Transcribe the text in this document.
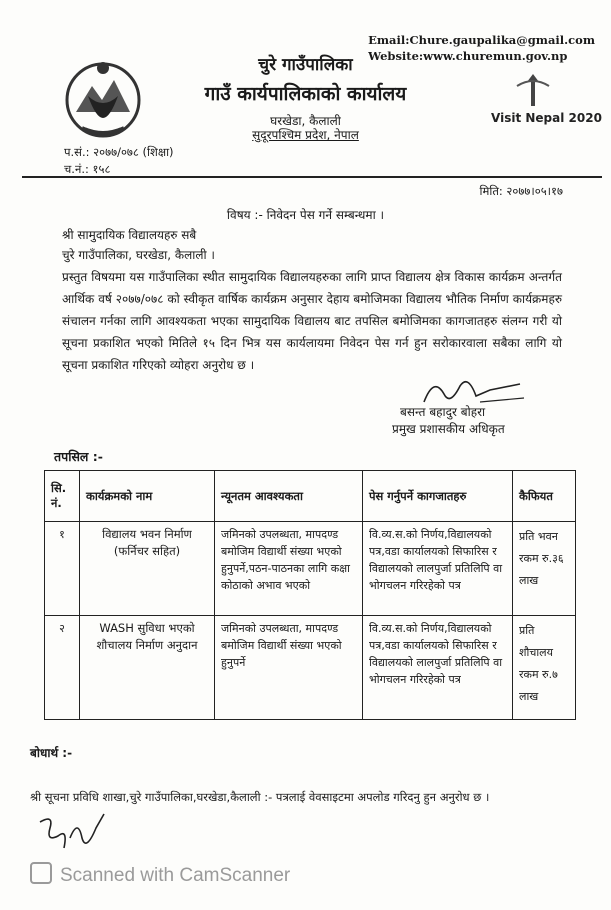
Email:Chure.gaupalika@gmail.com
Website:www.churemun.gov.np
चुरे गाउँपालिका
गाउँ कार्यपालिकाको कार्यालय
घरखेडा, कैलाली
सुदूरपश्चिम प्रदेश, नेपाल
Visit Nepal 2020
प.सं.: २०७७/०७८ (शिक्षा)
च.नं.: १५८
मिति: २०७७।०५।१७
विषय :- निवेदन पेस गर्ने सम्बन्धमा ।
श्री सामुदायिक विद्यालयहरु सबै
चुरे गाउँपालिका, घरखेडा, कैलाली ।
प्रस्तुत विषयमा यस गाउँपालिका स्थीत सामुदायिक विद्यालयहरुका लागि प्राप्त विद्यालय क्षेत्र विकास कार्यक्रम अन्तर्गत आर्थिक वर्ष २०७७/०७८ को स्वीकृत वार्षिक कार्यक्रम अनुसार देहाय बमोजिमका विद्यालय भौतिक निर्माण कार्यक्रमहरु संचालन गर्नका लागि आवश्यकता भएका सामुदायिक विद्यालय बाट तपसिल बमोजिमका कागजातहरु संलग्न गरी यो सूचना प्रकाशित भएको मितिले १५ दिन भित्र यस कार्यलायमा निवेदन पेस गर्न हुन सरोकारवाला सबैका लागि यो सूचना प्रकाशित गरिएको व्योहरा अनुरोध छ ।
बसन्त बहादुर बोहरा
प्रमुख प्रशासकीय अधिकृत
तपसिल :-
सि. नं.	कार्यक्रमको नाम	न्यूनतम आवश्यकता	पेस गर्नुपर्ने कागजातहरु	कैफियत
१	विद्यालय भवन निर्माण (फर्निचर सहित)	जमिनको उपलब्धता, मापदण्ड बमोजिम विद्यार्थी संख्या भएको हुनुपर्ने,पठन-पाठनका लागि कक्षा कोठाको अभाव भएको	वि.व्य.स.को निर्णय,विद्यालयको पत्र,वडा कार्यालयको सिफारिस र विद्यालयको लालपुर्जा प्रतिलिपि वा भोगचलन गरिरहेको पत्र	प्रति भवन रकम रु.३६ लाख
२	WASH सुविधा भएको शौचालय निर्माण अनुदान	जमिनको उपलब्धता, मापदण्ड बमोजिम विद्यार्थी संख्या भएको हुनुपर्ने	वि.व्य.स.को निर्णय,विद्यालयको पत्र,वडा कार्यालयको सिफारिस र विद्यालयको लालपुर्जा प्रतिलिपि वा भोगचलन गरिरहेको पत्र	प्रति शौचालय रकम रु.७ लाख
बोधार्थ :-
श्री सूचना प्रविधि शाखा,चुरे गाउँपालिका,घरखेडा,कैलाली :- पत्रलाई वेवसाइटमा अपलोड गरिदनु हुन अनुरोध छ ।
Scanned with CamScanner
